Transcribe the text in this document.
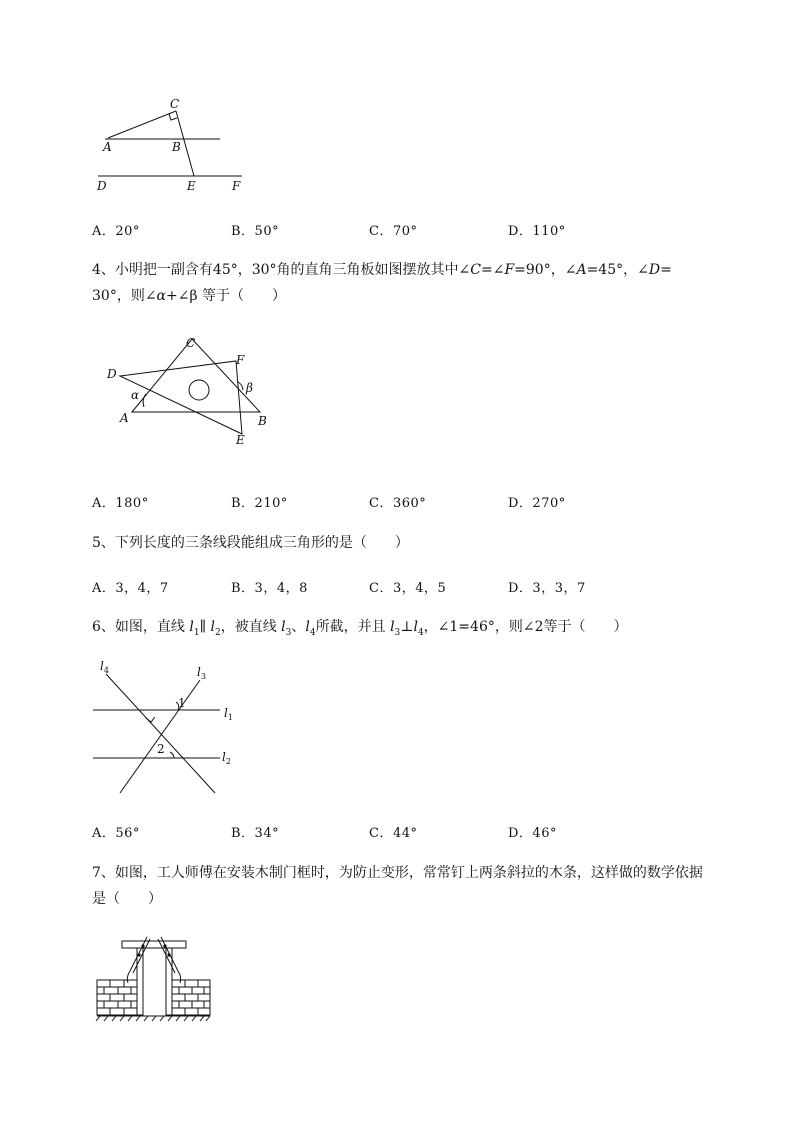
C
A	B
D	E	F
A．20°	B．50°	C．70°	D．110°
4、小明把一副含有45°，30°角的直角三角板如图摆放其中∠C=∠F=90°，∠A=45°，∠D=
30°，则∠α+∠β 等于（　　）
C
F
D
β
α
A	B
E
A．180°	B．210°	C．360°	D．270°
5、下列长度的三条线段能组成三角形的是（　　）
A．3，4，7	B．3，4，8	C．3，4，5	D．3，3，7
6、如图，直线 $l_1\parallel$ $l_2$，被直线 $l_3$、$l_4$所截，并且 $l_3\perp l_4$，∠1=46°，则∠2等于（　　）
$l_4$	$l_3$
$l_1$
$l_2$
1
2
A．56°	B．34°	C．44°	D．46°
7、如图，工人师傅在安装木制门框时，为防止变形，常常钉上两条斜拉的木条，这样做的数学依据
是（　　）
